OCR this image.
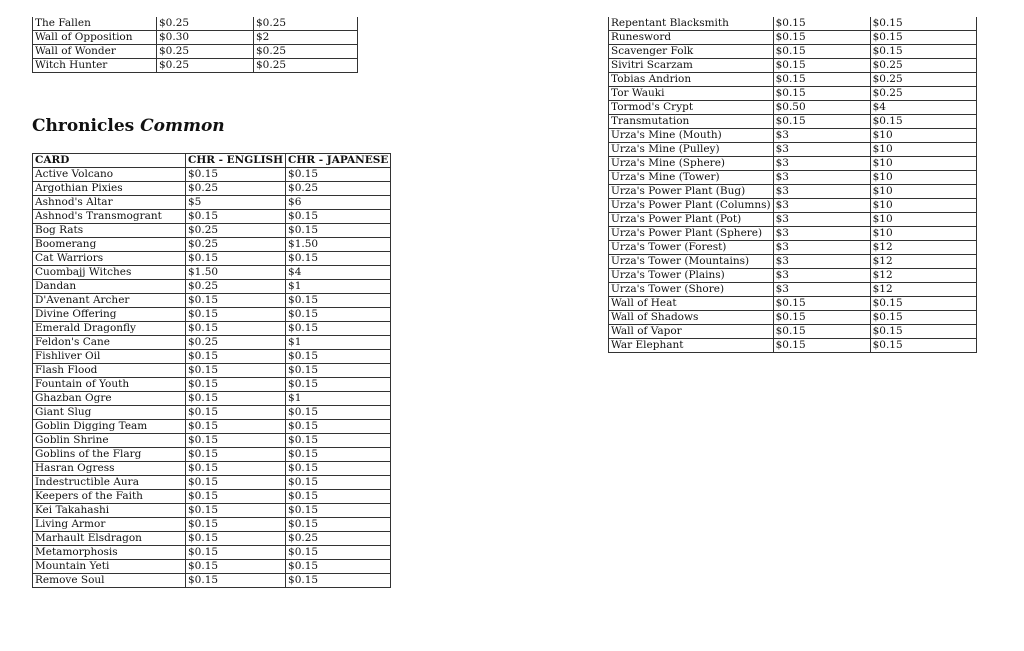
The Fallen	$0.25	$0.25
Wall of Opposition	$0.30	$2
Wall of Wonder	$0.25	$0.25
Witch Hunter	$0.25	$0.25
Chronicles Common
CARD	CHR - ENGLISH	CHR - JAPANESE
Active Volcano	$0.15	$0.15
Argothian Pixies	$0.25	$0.25
Ashnod's Altar	$5	$6
Ashnod's Transmogrant	$0.15	$0.15
Bog Rats	$0.25	$0.15
Boomerang	$0.25	$1.50
Cat Warriors	$0.15	$0.15
Cuombajj Witches	$1.50	$4
Dandan	$0.25	$1
D'Avenant Archer	$0.15	$0.15
Divine Offering	$0.15	$0.15
Emerald Dragonfly	$0.15	$0.15
Feldon's Cane	$0.25	$1
Fishliver Oil	$0.15	$0.15
Flash Flood	$0.15	$0.15
Fountain of Youth	$0.15	$0.15
Ghazban Ogre	$0.15	$1
Giant Slug	$0.15	$0.15
Goblin Digging Team	$0.15	$0.15
Goblin Shrine	$0.15	$0.15
Goblins of the Flarg	$0.15	$0.15
Hasran Ogress	$0.15	$0.15
Indestructible Aura	$0.15	$0.15
Keepers of the Faith	$0.15	$0.15
Kei Takahashi	$0.15	$0.15
Living Armor	$0.15	$0.15
Marhault Elsdragon	$0.15	$0.25
Metamorphosis	$0.15	$0.15
Mountain Yeti	$0.15	$0.15
Remove Soul	$0.15	$0.15
Repentant Blacksmith	$0.15	$0.15
Runesword	$0.15	$0.15
Scavenger Folk	$0.15	$0.15
Sivitri Scarzam	$0.15	$0.25
Tobias Andrion	$0.15	$0.25
Tor Wauki	$0.15	$0.25
Tormod's Crypt	$0.50	$4
Transmutation	$0.15	$0.15
Urza's Mine (Mouth)	$3	$10
Urza's Mine (Pulley)	$3	$10
Urza's Mine (Sphere)	$3	$10
Urza's Mine (Tower)	$3	$10
Urza's Power Plant (Bug)	$3	$10
Urza's Power Plant (Columns)	$3	$10
Urza's Power Plant (Pot)	$3	$10
Urza's Power Plant (Sphere)	$3	$10
Urza's Tower (Forest)	$3	$12
Urza's Tower (Mountains)	$3	$12
Urza's Tower (Plains)	$3	$12
Urza's Tower (Shore)	$3	$12
Wall of Heat	$0.15	$0.15
Wall of Shadows	$0.15	$0.15
Wall of Vapor	$0.15	$0.15
War Elephant	$0.15	$0.15
